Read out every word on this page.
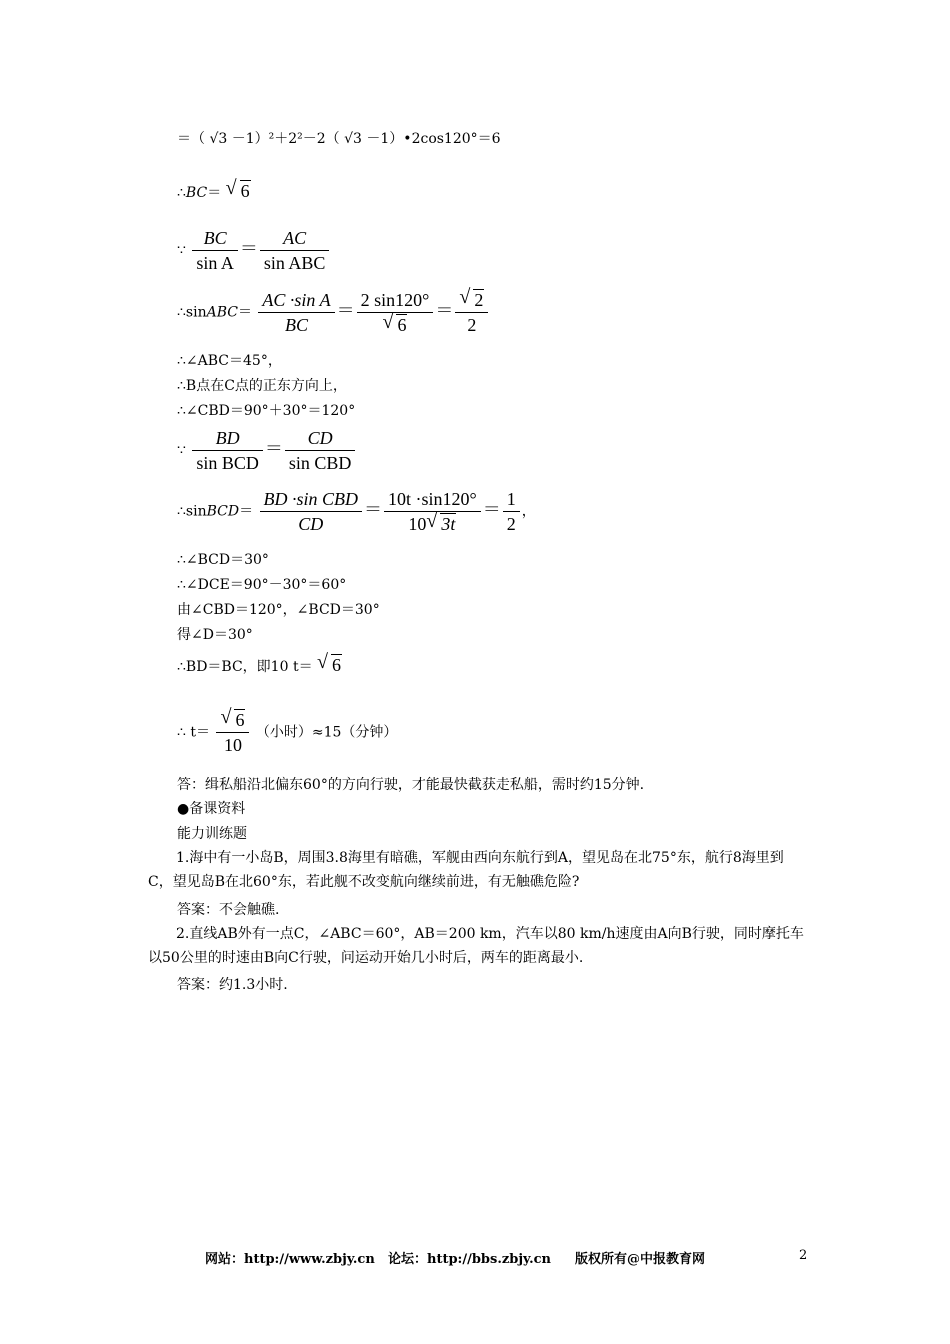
＝（ √3 －1）²＋2²－2（ √3 －1）•2cos120°＝6
∴BC＝ √ 6
∵ $\frac{BC}{\text{sin A}} = \frac{AC}{\text{sin ABC}}$
∴sinABC＝ $\frac{\text{AC ·sin A}}{BC} = \frac{2 \sin 120^\circ}{√ 6} = \frac{√ 2}{2}$
∴∠ABC＝45°，
∴B点在C点的正东方向上，
∴∠CBD＝90°＋30°＝120°
∵ $\frac{BD}{\text{sin BCD}} = \frac{CD}{\text{sin CBD}}$
∴sinBCD＝ $\frac{\text{BD ·sin CBD}}{CD} = \frac{10t \cdot\sin 120^\circ}{10 √ 3t} = \frac{1}{2}$ ，
∴∠BCD＝30°
∴∠DCE＝90°－30°＝60°
由∠CBD＝120°，∠BCD＝30°
得∠D＝30°
∴BD＝BC，即10 t＝ √ 6
∴ $t= \frac{√ 6}{10}$ （小时）≈15（分钟）
答：缉私船沿北偏东60°的方向行驶，才能最快截获走私船，需时约15分钟.
●备课资料
能力训练题
1.海中有一小岛B，周围3.8海里有暗礁，军舰由西向东航行到A，望见岛在北75°东，航行8海里到C，望见岛B在北60°东，若此舰不改变航向继续前进，有无触礁危险?
答案：不会触礁.
2.直线AB外有一点C，∠ABC＝60°，AB＝200 km，汽车以80 km/h速度由A向B行驶，同时摩托车以50公里的时速由B向C行驶，问运动开始几小时后，两车的距离最小.
答案：约1.3小时.
网站：http://www.zbjy.cn 论坛：http://bbs.zbjy.cn 版权所有@中报教育网	2
